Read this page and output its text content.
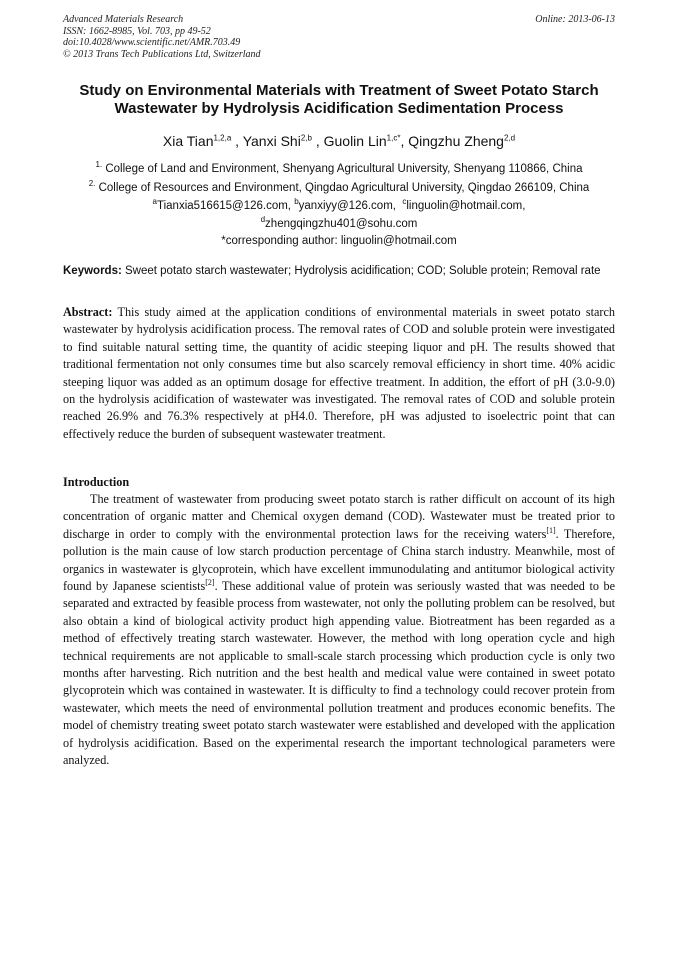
Advanced Materials Research
ISSN: 1662-8985, Vol. 703, pp 49-52
doi:10.4028/www.scientific.net/AMR.703.49
© 2013 Trans Tech Publications Ltd, Switzerland
Online: 2013-06-13
Study on Environmental Materials with Treatment of Sweet Potato Starch Wastewater by Hydrolysis Acidification Sedimentation Process
Xia Tian$^{1,2,a}$ , Yanxi Shi$^{2,b}$ , Guolin Lin$^{1,c*}$, Qingzhu Zheng$^{2,d}$
$^{1.}$ College of Land and Environment, Shenyang Agricultural University, Shenyang 110866, China
$^{2.}$ College of Resources and Environment, Qingdao Agricultural University, Qingdao 266109, China
$^a$Tianxia516615@126.com, $^b$yanxiyy@126.com, $^c$linguolin@hotmail.com,
$^d$zhengqingzhu401@sohu.com
*corresponding author: linguolin@hotmail.com
Keywords: Sweet potato starch wastewater; Hydrolysis acidification; COD; Soluble protein; Removal rate
Abstract: This study aimed at the application conditions of environmental materials in sweet potato starch wastewater by hydrolysis acidification process. The removal rates of COD and soluble protein were investigated to find suitable natural setting time, the quantity of acidic steeping liquor and pH. The results showed that traditional fermentation not only consumes time but also scarcely removal efficiency in short time. 40% acidic steeping liquor was added as an optimum dosage for effective treatment. In addition, the effort of pH (3.0-9.0) on the hydrolysis acidification of wastewater was investigated. The removal rates of COD and soluble protein reached 26.9% and 76.3% respectively at pH4.0. Therefore, pH was adjusted to isoelectric point that can effectively reduce the burden of subsequent wastewater treatment.
Introduction
The treatment of wastewater from producing sweet potato starch is rather difficult on account of its high concentration of organic matter and Chemical oxygen demand (COD). Wastewater must be treated prior to discharge in order to comply with the environmental protection laws for the receiving waters[1]. Therefore, pollution is the main cause of low starch production percentage of China starch industry. Meanwhile, most of organics in wastewater is glycoprotein, which have excellent immunodulating and antitumor biological activity found by Japanese scientists[2]. These additional value of protein was seriously wasted that was needed to be separated and extracted by feasible process from wastewater, not only the polluting problem can be resolved, but also obtain a kind of biological activity product high appending value. Biotreatment has been regarded as a method of effectively treating starch wastewater. However, the method with long operation cycle and high technical requirements are not applicable to small-scale starch processing which production cycle is only two months after harvesting. Rich nutrition and the best health and medical value were contained in sweet potato glycoprotein which was contained in wastewater. It is difficulty to find a technology could recover protein from wastewater, which meets the need of environmental pollution treatment and produces economic benefits. The model of chemistry treating sweet potato starch wastewater were established and developed with the application of hydrolysis acidification. Based on the experimental research the important technological parameters were analyzed.
